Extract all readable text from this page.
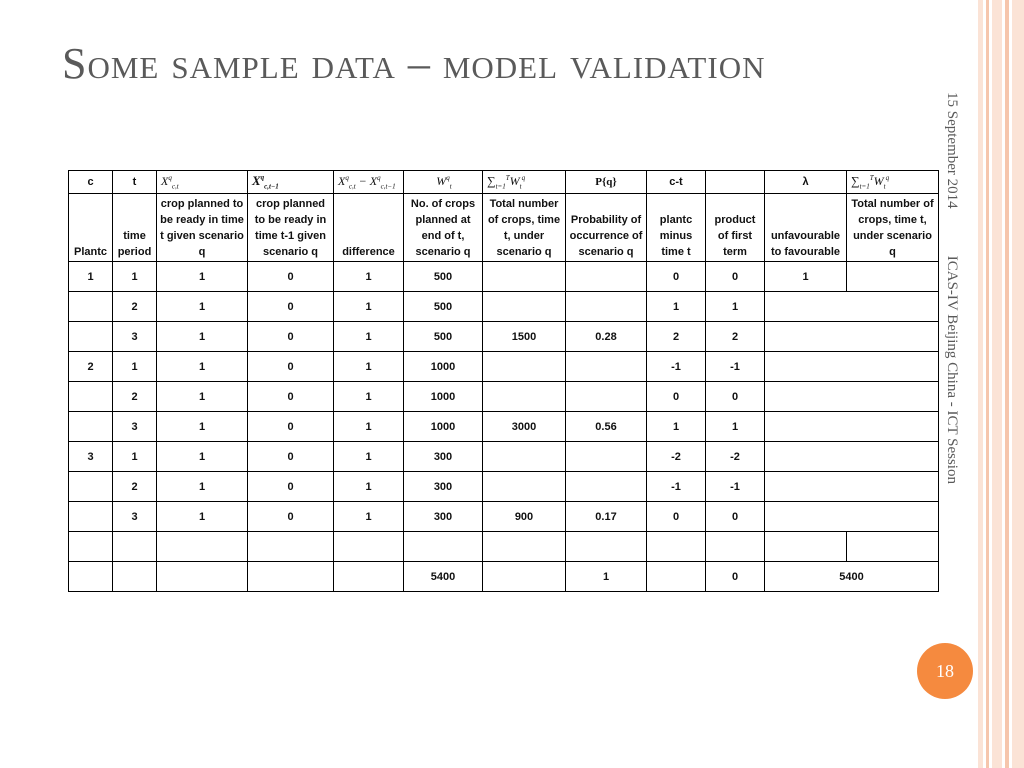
Some sample data – model validation
15 September 2014 ICAS-IV Beijing China - ICT Session
18
c	t	$X^q_{c,t}$	$X^q_{c,t-1}$	$X^q_{c,t} - X^q_{c,t-1}$	$W^q_t$	$\sum_{t=1}^TW_t^q$	P{q}	c-t		λ	$\sum_{t=1}^TW_t^q$
Plantc	time period	crop planned to be ready in time t given scenario q	crop planned to be ready in time t-1 given scenario q	difference	No. of crops planned at end of t, scenario q	Total number of crops, time t, under scenario q	Probability of occurrence of scenario q	plantc minus time t	product of first term	unfavourable to favourable	Total number of crops, time t, under scenario q
1	1	1	0	1	500			0	0	1	
	2	1	0	1	500			1	1		
	3	1	0	1	500	1500	0.28	2	2		
2	1	1	0	1	1000			-1	-1		
	2	1	0	1	1000			0	0		
	3	1	0	1	1000	3000	0.56	1	1		
3	1	1	0	1	300			-2	-2		
	2	1	0	1	300			-1	-1		
	3	1	0	1	300	900	0.17	0	0		

					5400		1		0	5400	
